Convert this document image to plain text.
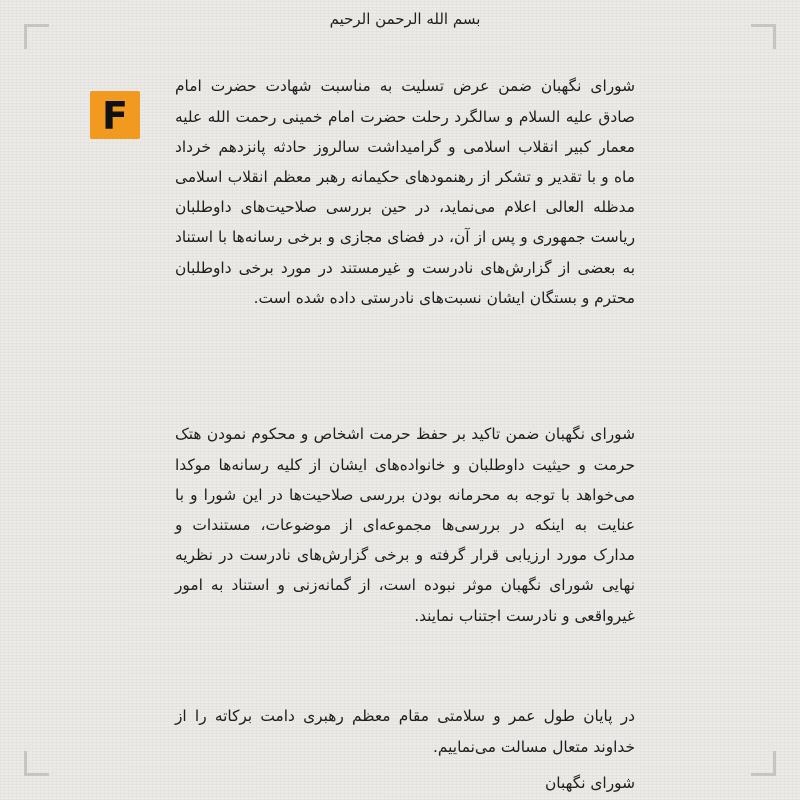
F
بسم الله الرحمن الرحیم

شورای نگهبان ضمن عرض تسلیت به مناسبت شهادت حضرت امام صادق علیه السلام و سالگرد رحلت حضرت امام خمینی رحمت الله علیه معمار کبیر انقلاب اسلامی و گرامیداشت سالروز حادثه پانزدهم خرداد ماه و با تقدیر و تشکر از رهنمودهای حکیمانه رهبر معظم انقلاب اسلامی مدظله العالی اعلام می‌نماید، در حین بررسی صلاحیت‌های داوطلبان ریاست جمهوری و پس از آن، در فضای مجازی و برخی رسانه‌ها با استناد به بعضی از گزارش‌های نادرست و غیرمستند در مورد برخی داوطلبان محترم و بستگان ایشان نسبت‌های نادرستی داده شده است.

شورای نگهبان ضمن تاکید بر حفظ حرمت اشخاص و محکوم نمودن هتک حرمت و حیثیت داوطلبان و خانواده‌های ایشان از کلیه رسانه‌ها موکدا می‌خواهد با توجه به محرمانه بودن بررسی صلاحیت‌ها در این شورا و با عنایت به اینکه در بررسی‌ها مجموعه‌ای از موضوعات، مستندات و مدارک مورد ارزیابی قرار گرفته و برخی گزارش‌های نادرست در نظریه نهایی شورای نگهبان موثر نبوده است، از گمانه‌زنی و استناد به امور غیرواقعی و نادرست اجتناب نمایند.

در پایان طول عمر و سلامتی مقام معظم رهبری دامت برکاته را از خداوند متعال مسالت می‌نماییم.

شورای نگهبان
